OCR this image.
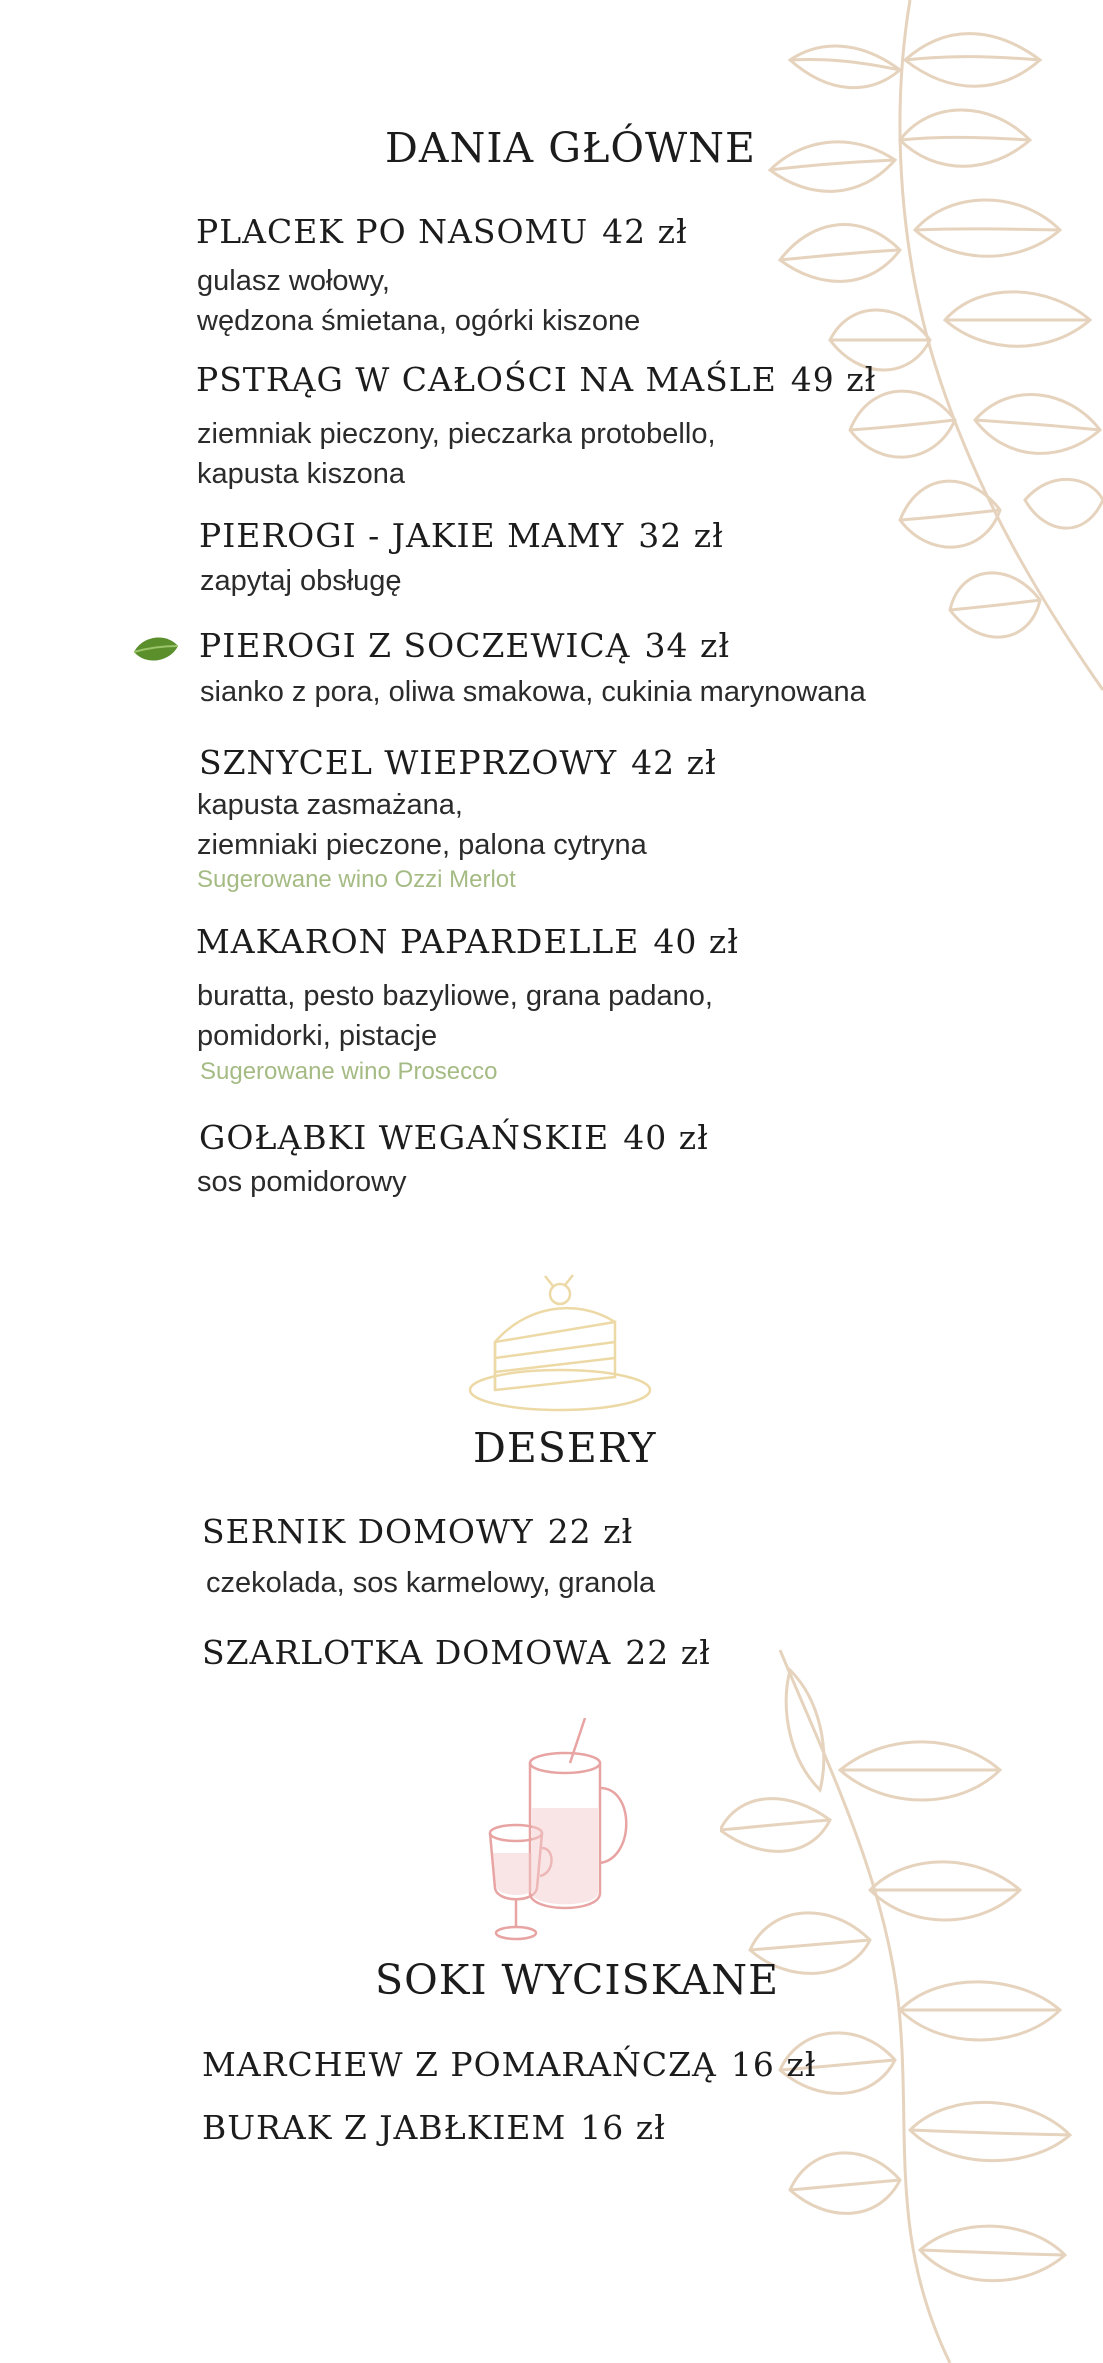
DANIA GŁÓWNE
PLACEK PO NASOMU 42 zł
gulasz wołowy,
wędzona śmietana, ogórki kiszone
PSTRĄG W CAŁOŚCI NA MAŚLE 49 zł
ziemniak pieczony, pieczarka protobello,
kapusta kiszona
PIEROGI - JAKIE MAMY 32 zł
zapytaj obsługę
PIEROGI Z SOCZEWICĄ 34 zł
sianko z pora, oliwa smakowa, cukinia marynowana
SZNYCEL WIEPRZOWY 42 zł
kapusta zasmażana,
ziemniaki pieczone, palona cytryna
Sugerowane wino Ozzi Merlot
MAKARON PAPARDELLE 40 zł
buratta, pesto bazyliowe, grana padano,
pomidorki, pistacje
Sugerowane wino Prosecco
GOŁĄBKI WEGAŃSKIE 40 zł
sos pomidorowy
DESERY
SERNIK DOMOWY 22 zł
czekolada, sos karmelowy, granola
SZARLOTKA DOMOWA 22 zł
SOKI WYCISKANE
MARCHEW Z POMARAŃCZĄ 16 zł
BURAK Z JABŁKIEM 16 zł
